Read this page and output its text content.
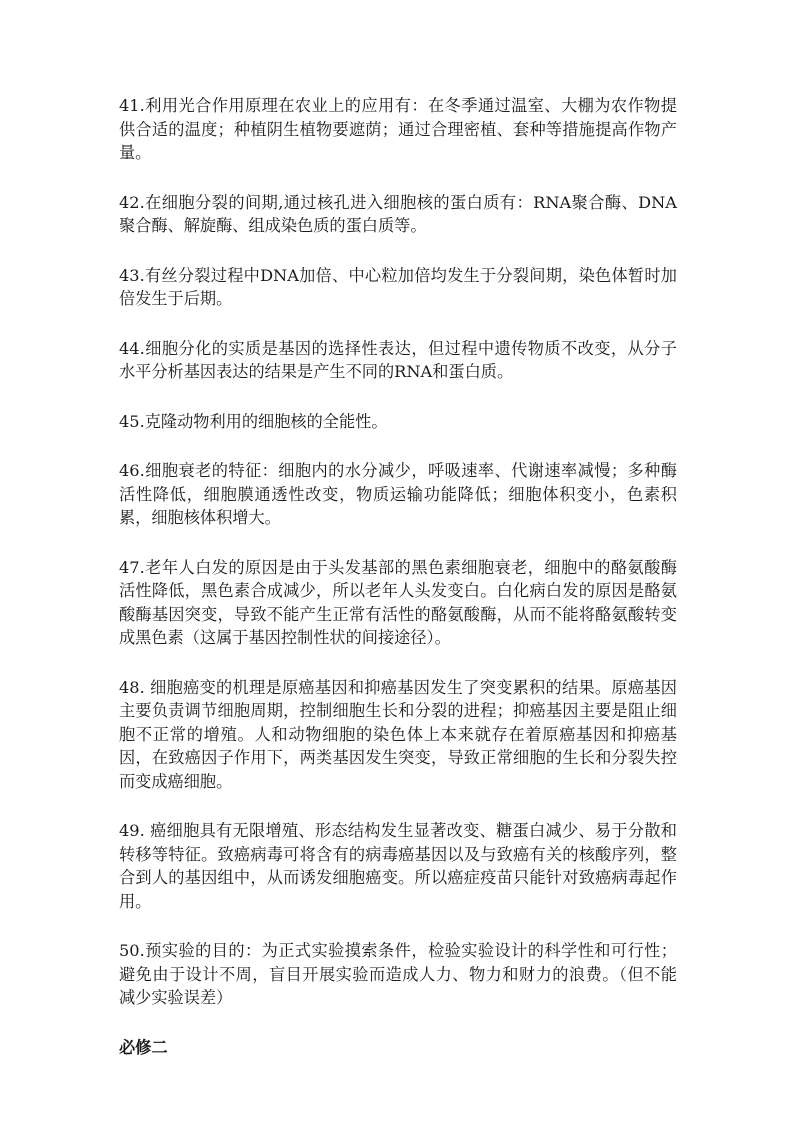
41.利用光合作用原理在农业上的应用有：在冬季通过温室、大棚为农作物提供合适的温度；种植阴生植物要遮荫；通过合理密植、套种等措施提高作物产量。

42.在细胞分裂的间期,通过核孔进入细胞核的蛋白质有：RNA聚合酶、DNA聚合酶、解旋酶、组成染色质的蛋白质等。

43.有丝分裂过程中DNA加倍、中心粒加倍均发生于分裂间期，染色体暂时加倍发生于后期。

44.细胞分化的实质是基因的选择性表达，但过程中遗传物质不改变，从分子水平分析基因表达的结果是产生不同的RNA和蛋白质。

45.克隆动物利用的细胞核的全能性。

46.细胞衰老的特征：细胞内的水分减少，呼吸速率、代谢速率减慢；多种酶活性降低，细胞膜通透性改变，物质运输功能降低；细胞体积变小，色素积累，细胞核体积增大。

47.老年人白发的原因是由于头发基部的黑色素细胞衰老，细胞中的酪氨酸酶活性降低，黑色素合成减少，所以老年人头发变白。白化病白发的原因是酪氨酸酶基因突变，导致不能产生正常有活性的酪氨酸酶，从而不能将酪氨酸转变成黑色素（这属于基因控制性状的间接途径）。

48. 细胞癌变的机理是原癌基因和抑癌基因发生了突变累积的结果。原癌基因主要负责调节细胞周期，控制细胞生长和分裂的进程；抑癌基因主要是阻止细胞不正常的增殖。人和动物细胞的染色体上本来就存在着原癌基因和抑癌基因，在致癌因子作用下，两类基因发生突变，导致正常细胞的生长和分裂失控而变成癌细胞。

49. 癌细胞具有无限增殖、形态结构发生显著改变、糖蛋白减少、易于分散和转移等特征。致癌病毒可将含有的病毒癌基因以及与致癌有关的核酸序列，整合到人的基因组中，从而诱发细胞癌变。所以癌症疫苗只能针对致癌病毒起作用。

50.预实验的目的：为正式实验摸索条件，检验实验设计的科学性和可行性；避免由于设计不周，盲目开展实验而造成人力、物力和财力的浪费。（但不能减少实验误差）

必修二
